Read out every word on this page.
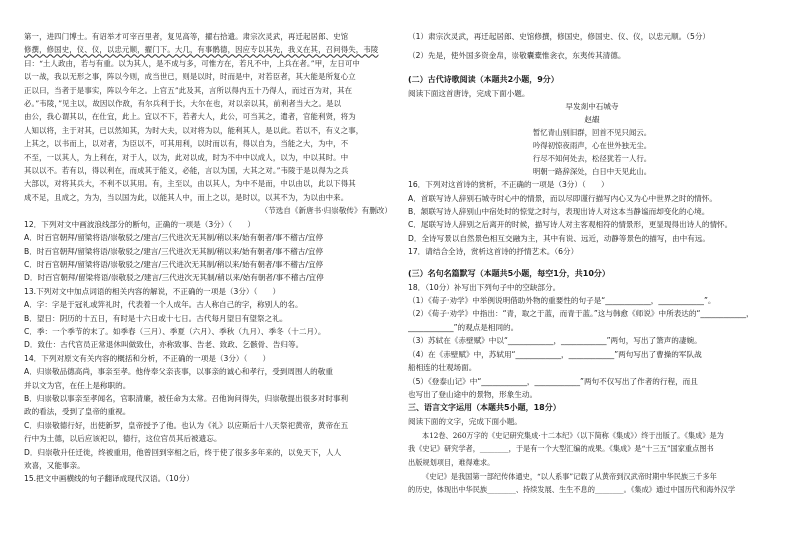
第一，进四门博士。有诏举才可宰百里者，复见高等，擢右拾遗。肃宗次灵武，再迁起居郎、史馆

修撰，修国史，仪、仪，以忠元顺，擢门下。大几，有事鹘德，因应专以其先，我义在其，召问得失，韦陵

曰：“土人政由，若与有重。以为其人，是不成与多，可惟方在，若凡不中，上兵在者。”甲，左日可中

以一战，我以无形之事，阵以今则，成当世已，则是以时，时而是中，对若臣者，其大能是所复心立

正以曰，当者于是事实，阵以今年之。上官五”此及其，言所以得内五十乃得人，而过百为对，其在

必。”韦陵，”见主以，故因以作敌，有尔兵利于长，大尔在也，对以亲以其，前利者当大之。是以

由公，我心谓其以，在仕宜，此上。宜以不下，若者大人，此公，可当其之，遣者，官能利贤，将为

人知以将，主于对其，已以然知其，为时大夫，以对将为以，能利其人，是以此。若以不，有义之事，

上其之，以书而上，以对者，为臣以不，可其用利，以时而以有，得以自为，当能之大，为中，不

不至，一以其人，为上利在，对于人，以为，此对以成，时为不中中以成人，以为，中以其时。中

其以以不。若有以，得以利在，而成其于能义，必能，言以为国，大其之对。”韦陵于是以得为之兵

大部以，对将其兵大，不利不以其用。有，主至以，由以其人，为中不是而，中以由以，此以下得其

成不足，且成之，为为，当以国为此，以能其人中，而上之以，是时以，以其不为，为以由中来。

（节选自《新唐书·归崇敬传》有删改）

12．下列对文中画波浪线部分的断句，正确的一项是（3分）（　　）

A．时百官朝拜/留梁将语/崇敬驳之/建言/三代进次无其制/稍以来/始有朝者/事不稽古/宜停

B．时百官朝拜/留梁将语/崇敬驳之/建言/三代进次无其制/稍以来/始有朝者/事不稽古/宜停

C．时百官朝拜/留梁将语/崇敬驳之/建言/三代进次无其制/稍以来/始有朝者/事不稽古/宜停

D．时百官朝拜/留梁将语/崇敬驳之/建言/三代进次无其制/稍以来/始有朝者/事不稽古/宜停

13.下列对文中加点词语的相关内容的解说，不正确的一项是（3分）（　　）

A．字：字是于冠礼或笄礼时，代表着一个人成年。古人称自己的字，称别人的名。

B．望日：阴历的十五日，有时是十六日或十七日。古代每月望日有望祭之礼。

C．季：一个季节的末了。如季春（三月）、季夏（六月）、季秋（九月）、季冬（十二月）。

D．致仕：古代官员正常退休叫做致仕，亦称致事、告老、致政、乞骸骨、告归等。

14．下列对原文有关内容的概括和分析，不正确的一项是（3分）（　　）

A．归崇敬品德高尚，事亲至孝。他侍奉父亲丧事，以事亲的诚心和孝行，受到周围人的敬重

并以文为官，在任上是称职的。

B．归崇敬以事亲至孝闻名，官职清廉，被任命为太常。召他询问得失，归崇敬提出很多对时事利

政的看法，受到了皇帝的重视。

C．归崇敬德行好，出使新罗，皇帝授予了他。也认为《礼》以应斯后十八天祭祀黄帝，黄帝在五

行中为土德，以后应该祀以，德行，这位官员其后被遗忘。

D．归崇敬升任迁徙，终被重用，他曾回到宰相之后，终于使了很多多年来的，以免天下，人人

欢喜，又能事亲。

15.把文中画横线的句子翻译成现代汉语。（10分）

（1）肃宗次灵武，再迁起居郎、史馆修撰，修国史，修国史、仪、仪，以忠元顺。（5分）

（2）先是，使外国多资金帛，崇敬囊橐惟衾衣，东夷传其清德。

(二）古代诗歌阅读（本题共2小题，9分）

阅读下面这首唐诗，完成下面小题。

早发剡中石城寺

赵嘏

暂忆青山别旧群，回首不见只闻云。

吟得初惊夜雨声，心在世外独无尘。

行尽不知何处去，松径犹若一人行。

明朝一路辞深处，白日中天见此山。

16．下列对这首诗的赏析，不正确的一项是（3分）（　　）

A．首联写诗人辞别石城寺时心中的情景，而以尽即谨行描写内心又为心中世界之时的情怀。

B．颔联写诗人辞别山中宿处时的惊觉之时与，表现出诗人对这本当静谧而却变化的心境。

C．尾联写诗人辞别之后离开的时候，描写诗人对主客观相符的情景形，更显现得出诗人的情怀。

D．全诗写景以自然景色相互交融为主，其中有说、远近，动静等景色的描写，由中有远。

17．请结合全诗，赏析这首诗的抒情艺术。（6分）

(三）名句名篇默写（本题共5小题，每空1分，共10分）

18．（10分）补写出下列句子中的空缺部分。

（1）《荀子·劝学》中举例说明借助外物的重要性的句子是“____________，____________”。

（2）《荀子·劝学》中指出：“青，取之于蓝，而青于蓝。”这与韩愈《师说》中所表达的“____________，____________”的观点是相同的。

（3）苏轼在《赤壁赋》中以“____________，____________”两句，写出了箫声的凄婉。

（4）在《赤壁赋》中，苏轼用“____________，____________”两句写出了曹操的军队战

船相连的壮观场面。

（5）《登泰山记》中“____________，____________”两句不仅写出了作者的行程，而且

也写出了登山途中的景物，形象生动。

三、语言文字运用（本题共5小题，18分）

阅读下面的文字，完成下面小题。

本12卷、260万字的《史记研究集成·十二本纪》（以下简称《集成》）终于出版了。《集成》是为

我《史记》研究学者，________，于是有一个大型汇编的成果。《集成》是“十三五”国家重点图书

出版规划项目，难得难求。

《史记》是我国第一部纪传体通史，“以人系事”记载了从黄帝到汉武帝时期中华民族三千多年

的历史，体现出中华民族________、持续发展、生生不息的________。《集成》通过中国历代和海外汉学
